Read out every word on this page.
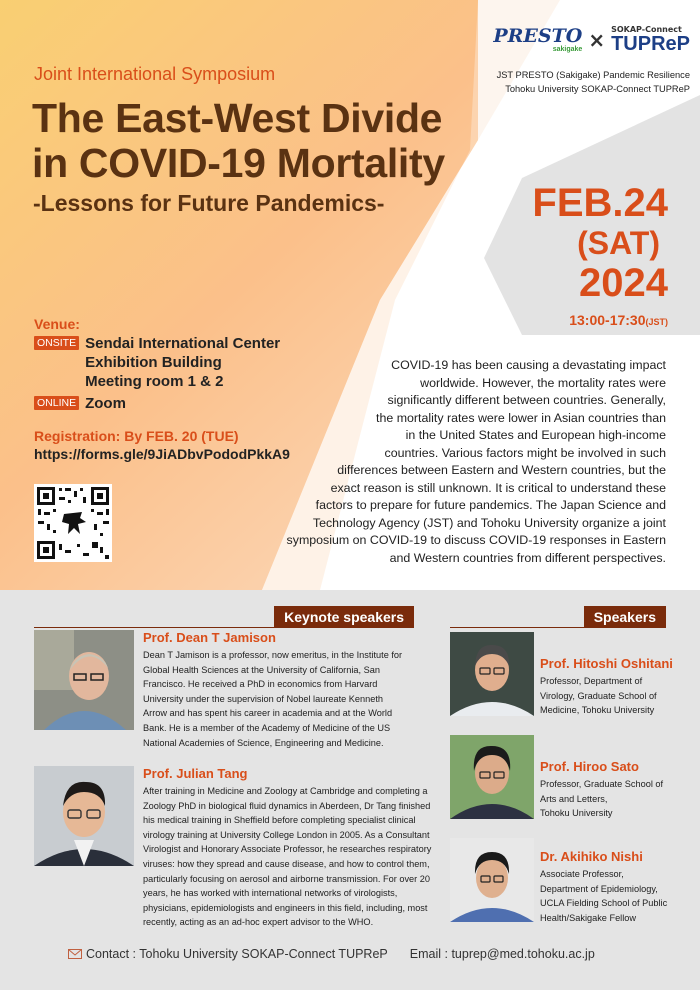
PRESTO
sakigake × SOKAP-Connect
TUPReP
JST PRESTO (Sakigake) Pandemic Resilience
Tohoku University SOKAP-Connect TUPReP
Joint International Symposium
The East-West Divide
in COVID-19 Mortality
-Lessons for Future Pandemics-	FEB.24
(SAT)
2024
13:00-17:30(JST)
Venue:
ONSITE Sendai International Center
Exhibition Building
Meeting room 1 & 2
ONLINE Zoom
Registration: By FEB. 20 (TUE)
https://forms.gle/9JiADbvPododPkkA9
COVID-19 has been causing a devastating impact
worldwide. However, the mortality rates were
significantly different between countries. Generally,
the mortality rates were lower in Asian countries than
in the United States and European high-income
countries. Various factors might be involved in such
differences between Eastern and Western countries, but the
exact reason is still unknown. It is critical to understand these
factors to prepare for future pandemics. The Japan Science and
Technology Agency (JST) and Tohoku University organize a joint
symposium on COVID-19 to discuss COVID-19 responses in Eastern
and Western countries from different perspectives.
Keynote speakers	Speakers
Prof. Dean T Jamison
Dean T Jamison is a professor, now emeritus, in the Institute for
Global Health Sciences at the University of California, San
Francisco. He received a PhD in economics from Harvard
University under the supervision of Nobel laureate Kenneth
Arrow and has spent his career in academia and at the World
Bank. He is a member of the Academy of Medicine of the US
National Academies of Science, Engineering and Medicine.
Prof. Julian Tang
After training in Medicine and Zoology at Cambridge and completing a
Zoology PhD in biological fluid dynamics in Aberdeen, Dr Tang finished
his medical training in Sheffield before completing specialist clinical
virology training at University College London in 2005. As a Consultant
Virologist and Honorary Associate Professor, he researches respiratory
viruses: how they spread and cause disease, and how to control them,
particularly focusing on aerosol and airborne transmission. For over 20
years, he has worked with international networks of virologists,
physicians, epidemiologists and engineers in this field, including, most
recently, acting as an ad-hoc expert advisor to the WHO.
Prof. Hitoshi Oshitani
Professor, Department of
Virology, Graduate School of
Medicine, Tohoku University
Prof. Hiroo Sato
Professor, Graduate School of
Arts and Letters,
Tohoku University
Dr. Akihiko Nishi
Associate Professor,
Department of Epidemiology,
UCLA Fielding School of Public
Health/Sakigake Fellow
Contact : Tohoku University SOKAP-Connect TUPReP Email : tuprep@med.tohoku.ac.jp
